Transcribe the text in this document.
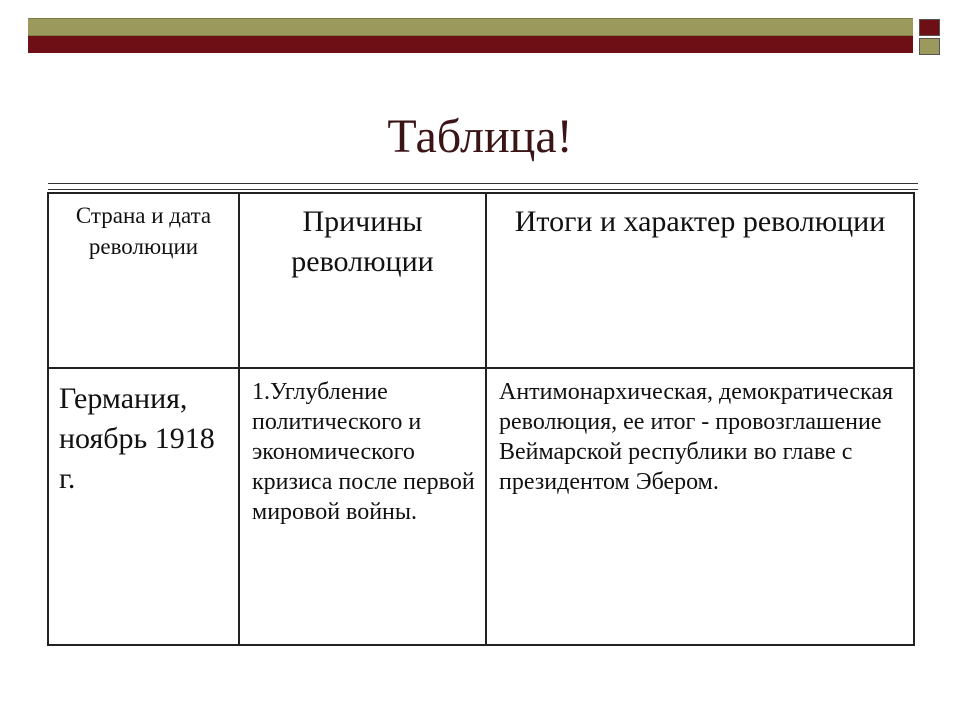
Таблица!
Страна и дата революции	Причины революции	Итоги и характер революции

Германия, ноябрь 1918 г.	1.Углубление политического и экономического кризиса после первой мировой войны.	Антимонархическая, демократическая революция, ее итог - провозглашение Веймарской республики во главе с президентом Эбером.
